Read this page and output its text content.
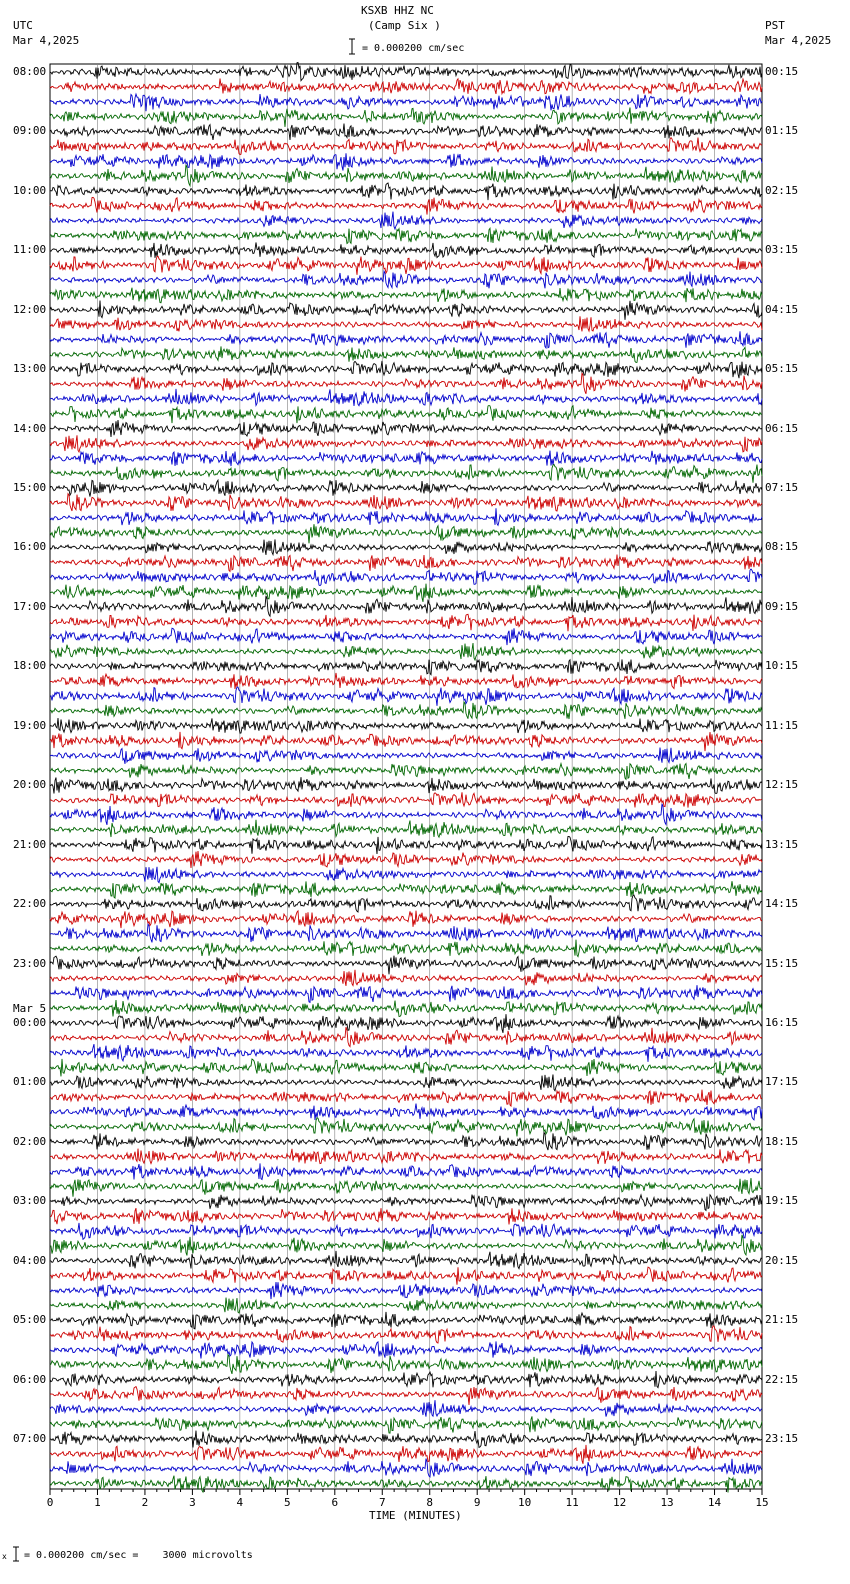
KSXB HHZ NC
(Camp Six )
UTC
Mar 4,2025
PST
Mar 4,2025
= 0.000200 cm/sec
0	1	2	3	4	5	6	7	8	9	10	11	12	13	14	15
08:00
09:00
10:00
11:00
12:00
13:00
14:00
15:00
16:00
17:00
18:00
19:00
20:00
21:00
22:00
23:00
00:00
01:00
02:00
03:00
04:00
05:00
06:00
07:00
00:15
01:15
02:15
03:15
04:15
05:15
06:15
07:15
08:15
09:15
10:15
11:15
12:15
13:15
14:15
15:15
16:15
17:15
18:15
19:15
20:15
21:15
22:15
23:15
Mar 5
TIME (MINUTES)
x = 0.000200 cm/sec =    3000 microvolts
